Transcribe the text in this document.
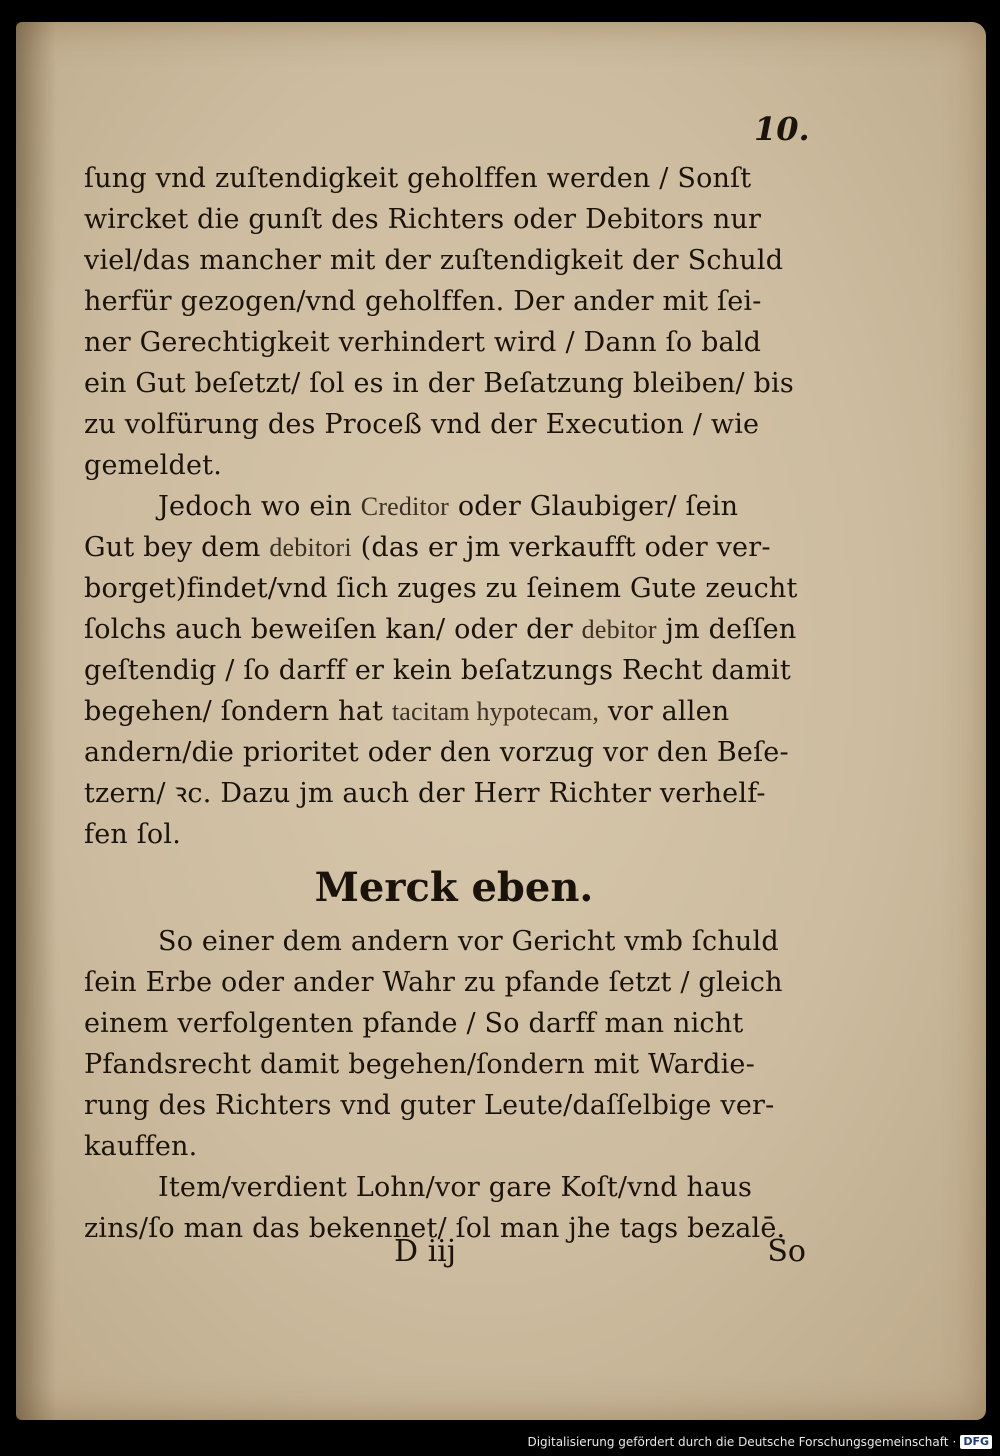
10.
ſung vnd zuſtendigkeit geholffen werden / Sonſt
wircket die gunſt des Richters oder Debitors nur
viel/das mancher mit der zuſtendigkeit der Schuld
herfür gezogen/vnd geholffen. Der ander mit ſei-
ner Gerechtigkeit verhindert wird / Dann ſo bald
ein Gut beſetzt/ ſol es in der Beſatzung bleiben/ bis
zu volfürung des Proceß vnd der Execution / wie
gemeldet.
Jedoch wo ein Creditor oder Glaubiger/ ſein
Gut bey dem debitori (das er jm verkaufft oder ver-
borget)findet/vnd ſich zuges zu ſeinem Gute zeucht
ſolchs auch beweiſen kan/ oder der debitor jm deſſen
geſtendig / ſo darff er kein beſatzungs Recht damit
begehen/ ſondern hat tacitam hypotecam, vor allen
andern/die prioritet oder den vorzug vor den Beſe-
tzern/ ꝛc. Dazu jm auch der Herr Richter verhelf-
fen ſol.
Merck eben.
So einer dem andern vor Gericht vmb ſchuld
ſein Erbe oder ander Wahr zu pfande ſetzt / gleich
einem verfolgenten pfande / So darff man nicht
Pfandsrecht damit begehen/ſondern mit Wardie-
rung des Richters vnd guter Leute/daſſelbige ver-
kauffen.
Item/verdient Lohn/vor gare Koſt/vnd haus
zins/ſo man das bekennet/ ſol man jhe tags bezalē.
D iij	So
Digitalisierung gefördert durch die Deutsche Forschungsgemeinschaft · DFG
